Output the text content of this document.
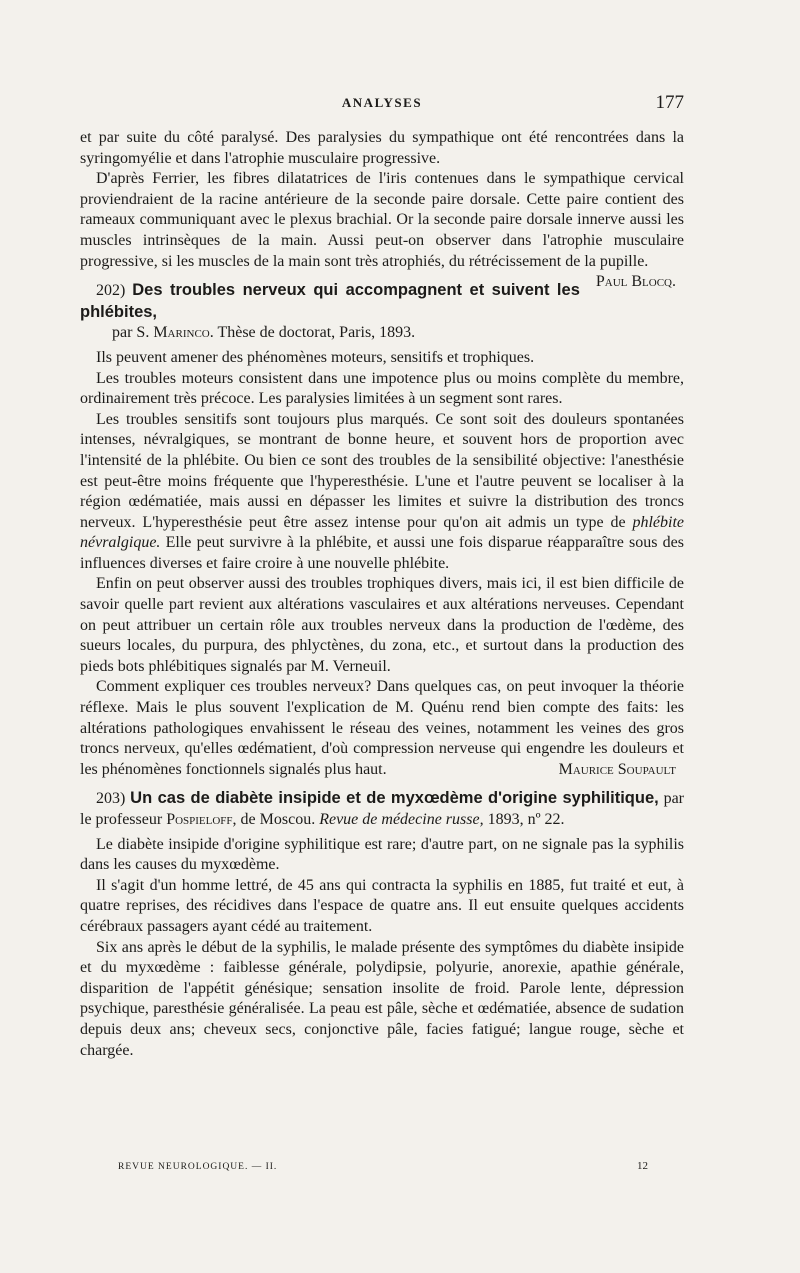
ANALYSES	177

et par suite du côté paralysé. Des paralysies du sympathique ont été rencontrées dans la syringomyélie et dans l'atrophie musculaire progressive.

D'après Ferrier, les fibres dilatatrices de l'iris contenues dans le sympathique cervical proviendraient de la racine antérieure de la seconde paire dorsale. Cette paire contient des rameaux communiquant avec le plexus brachial. Or la seconde paire dorsale innerve aussi les muscles intrinsèques de la main. Aussi peut-on observer dans l'atrophie musculaire progressive, si les muscles de la main sont très atrophiés, du rétrécissement de la pupille.
Paul Blocq.

202) Des troubles nerveux qui accompagnent et suivent les phlébites,

par S. Marinco. Thèse de doctorat, Paris, 1893.

Ils peuvent amener des phénomènes moteurs, sensitifs et trophiques.

Les troubles moteurs consistent dans une impotence plus ou moins complète du membre, ordinairement très précoce. Les paralysies limitées à un segment sont rares.

Les troubles sensitifs sont toujours plus marqués. Ce sont soit des douleurs spontanées intenses, névralgiques, se montrant de bonne heure, et souvent hors de proportion avec l'intensité de la phlébite. Ou bien ce sont des troubles de la sensibilité objective: l'anesthésie est peut-être moins fréquente que l'hyperesthésie. L'une et l'autre peuvent se localiser à la région œdématiée, mais aussi en dépasser les limites et suivre la distribution des troncs nerveux. L'hyperesthésie peut être assez intense pour qu'on ait admis un type de phlébite névralgique. Elle peut survivre à la phlébite, et aussi une fois disparue réapparaître sous des influences diverses et faire croire à une nouvelle phlébite.

Enfin on peut observer aussi des troubles trophiques divers, mais ici, il est bien difficile de savoir quelle part revient aux altérations vasculaires et aux altérations nerveuses. Cependant on peut attribuer un certain rôle aux troubles nerveux dans la production de l'œdème, des sueurs locales, du purpura, des phlyctènes, du zona, etc., et surtout dans la production des pieds bots phlébitiques signalés par M. Verneuil.

Comment expliquer ces troubles nerveux? Dans quelques cas, on peut invoquer la théorie réflexe. Mais le plus souvent l'explication de M. Quénu rend bien compte des faits: les altérations pathologiques envahissent le réseau des veines, notamment les veines des gros troncs nerveux, qu'elles œdématient, d'où compression nerveuse qui engendre les douleurs et les phénomènes fonctionnels signalés plus haut.	Maurice Soupault

203) Un cas de diabète insipide et de myxœdème d'origine syphilitique, par le professeur Pospieloff, de Moscou. Revue de médecine russe, 1893, nº 22.

Le diabète insipide d'origine syphilitique est rare; d'autre part, on ne signale pas la syphilis dans les causes du myxœdème.

Il s'agit d'un homme lettré, de 45 ans qui contracta la syphilis en 1885, fut traité et eut, à quatre reprises, des récidives dans l'espace de quatre ans. Il eut ensuite quelques accidents cérébraux passagers ayant cédé au traitement.

Six ans après le début de la syphilis, le malade présente des symptômes du diabète insipide et du myxœdème : faiblesse générale, polydipsie, polyurie, anorexie, apathie générale, disparition de l'appétit génésique; sensation insolite de froid. Parole lente, dépression psychique, paresthésie généralisée. La peau est pâle, sèche et œdématiée, absence de sudation depuis deux ans; cheveux secs, conjonctive pâle, facies fatigué; langue rouge, sèche et chargée.

REVUE NEUROLOGIQUE. — II.	12
